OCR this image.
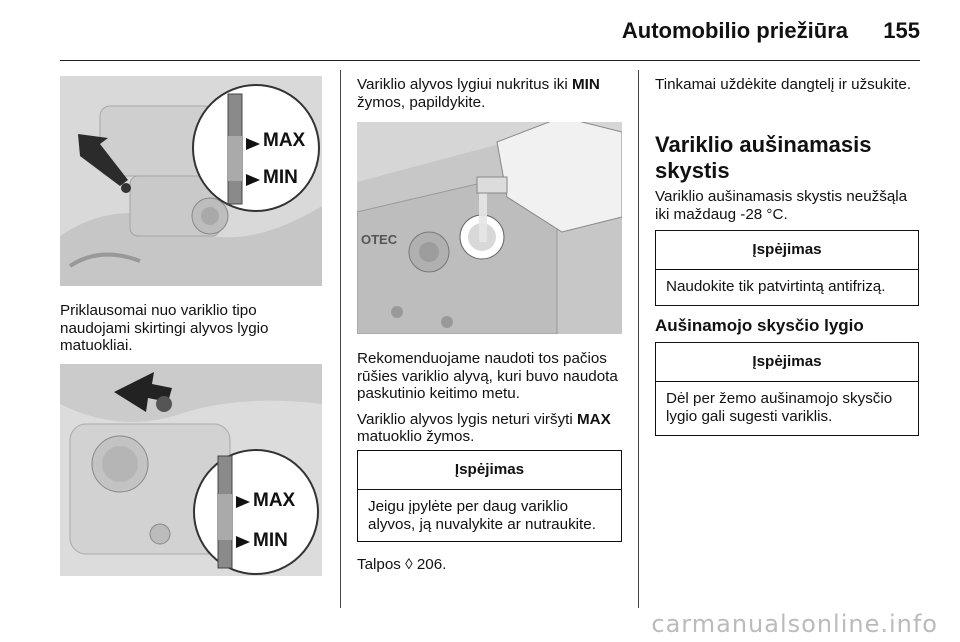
Automobilio priežiūra 155
MAX
MIN

Priklausomai nuo variklio tipo naudojami skirtingi alyvos lygio matuokliai.

MAX
MIN

Variklio alyvos lygiui nukritus iki MIN žymos, papildykite.

OTEC

Rekomenduojame naudoti tos pačios rūšies variklio alyvą, kuri buvo naudota paskutinio keitimo metu.

Variklio alyvos lygis neturi viršyti MAX matuoklio žymos.

Įspėjimas
Jeigu įpylėte per daug variklio alyvos, ją nuvalykite ar nutraukite.

Talpos ◊ 206.

Tinkamai uždėkite dangtelį ir užsukite.

Variklio aušinamasis

skystis

Variklio aušinamasis skystis neužšąla iki maždaug -28 °C.

Įspėjimas
Naudokite tik patvirtintą antifrizą.

Aušinamojo skysčio lygio

Įspėjimas
Dėl per žemo aušinamojo skysčio lygio gali sugesti variklis.
carmanualsonline.info
